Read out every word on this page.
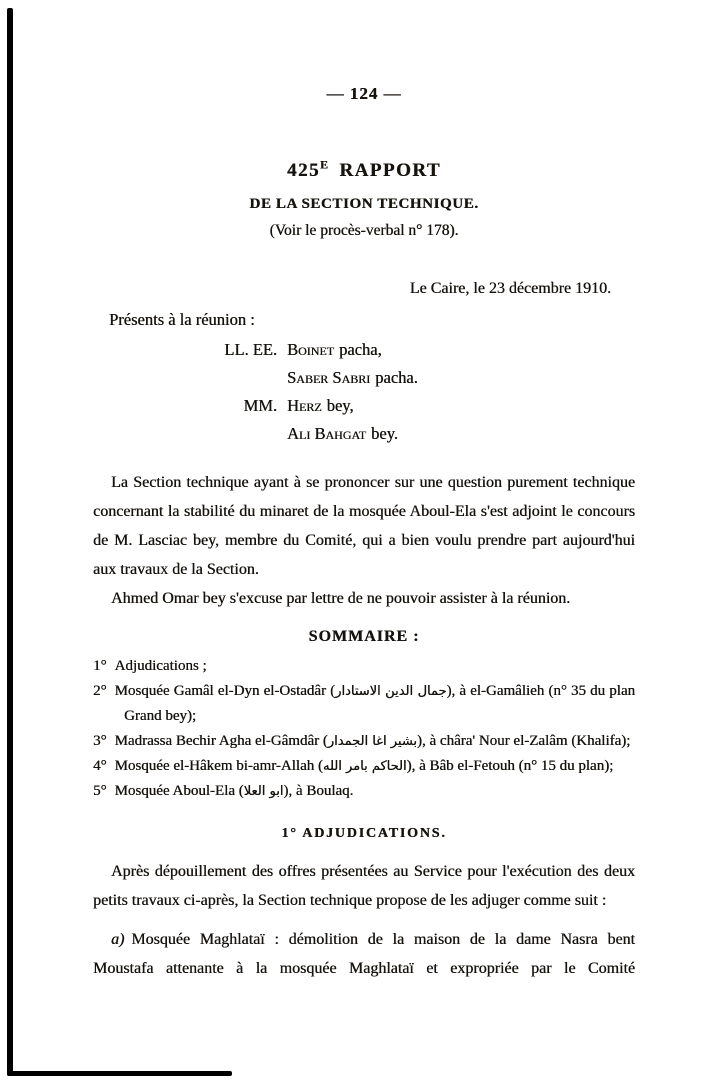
— 124 —
$425^E$ RAPPORT
DE LA SECTION TECHNIQUE.
(Voir le procès-verbal n° 178).
Le Caire, le 23 décembre 1910.
Présents à la réunion :
LL. EE. Boinet pacha,
Saber Sabri pacha.
MM. Herz bey,
Ali Bahgat bey.

La Section technique ayant à se prononcer sur une question purement technique concernant la stabilité du minaret de la mosquée Aboul-Ela s'est adjoint le concours de M. Lasciac bey, membre du Comité, qui a bien voulu prendre part aujourd'hui aux travaux de la Section.

Ahmed Omar bey s'excuse par lettre de ne pouvoir assister à la réunion.

SOMMAIRE :
1° Adjudications ;
2° Mosquée Gamâl el-Dyn el-Ostadâr (جمال الدين الاستادار), à el-Gamâlieh (n° 35 du plan Grand bey);
3° Madrassa Bechir Agha el-Gâmdâr (بشير اغا الجمدار), à châra' Nour el-Zalâm (Khalifa);
4° Mosquée el-Hâkem bi-amr-Allah (الحاكم بامر الله), à Bâb el-Fetouh (n° 15 du plan);
5° Mosquée Aboul-Ela (ابو العلا), à Boulaq.
1° ADJUDICATIONS.

Après dépouillement des offres présentées au Service pour l'exécution des deux petits travaux ci-après, la Section technique propose de les adjuger comme suit :

a) Mosquée Maghlataï : démolition de la maison de la dame Nasra bent Moustafa attenante à la mosquée Maghlataï et expropriée par le Comité
